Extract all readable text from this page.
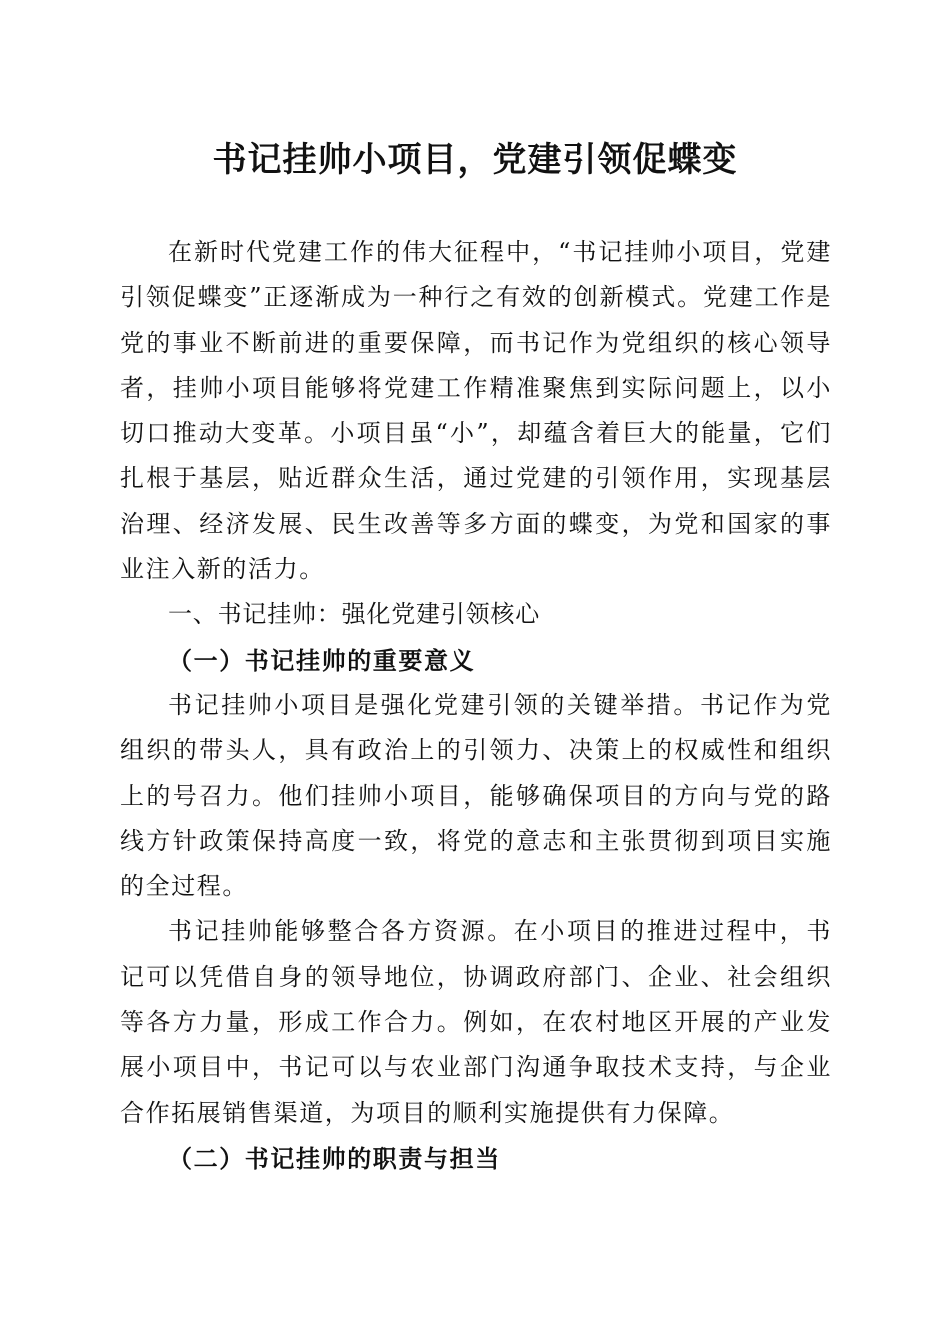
书记挂帅小项目，党建引领促蝶变

在新时代党建工作的伟大征程中，“书记挂帅小项目，党建引领促蝶变”正逐渐成为一种行之有效的创新模式。党建工作是党的事业不断前进的重要保障，而书记作为党组织的核心领导者，挂帅小项目能够将党建工作精准聚焦到实际问题上，以小切口推动大变革。小项目虽“小”，却蕴含着巨大的能量，它们扎根于基层，贴近群众生活，通过党建的引领作用，实现基层治理、经济发展、民生改善等多方面的蝶变，为党和国家的事业注入新的活力。

一、书记挂帅：强化党建引领核心

（一）书记挂帅的重要意义

书记挂帅小项目是强化党建引领的关键举措。书记作为党组织的带头人，具有政治上的引领力、决策上的权威性和组织上的号召力。他们挂帅小项目，能够确保项目的方向与党的路线方针政策保持高度一致，将党的意志和主张贯彻到项目实施的全过程。

书记挂帅能够整合各方资源。在小项目的推进过程中，书记可以凭借自身的领导地位，协调政府部门、企业、社会组织等各方力量，形成工作合力。例如，在农村地区开展的产业发展小项目中，书记可以与农业部门沟通争取技术支持，与企业合作拓展销售渠道，为项目的顺利实施提供有力保障。

（二）书记挂帅的职责与担当
